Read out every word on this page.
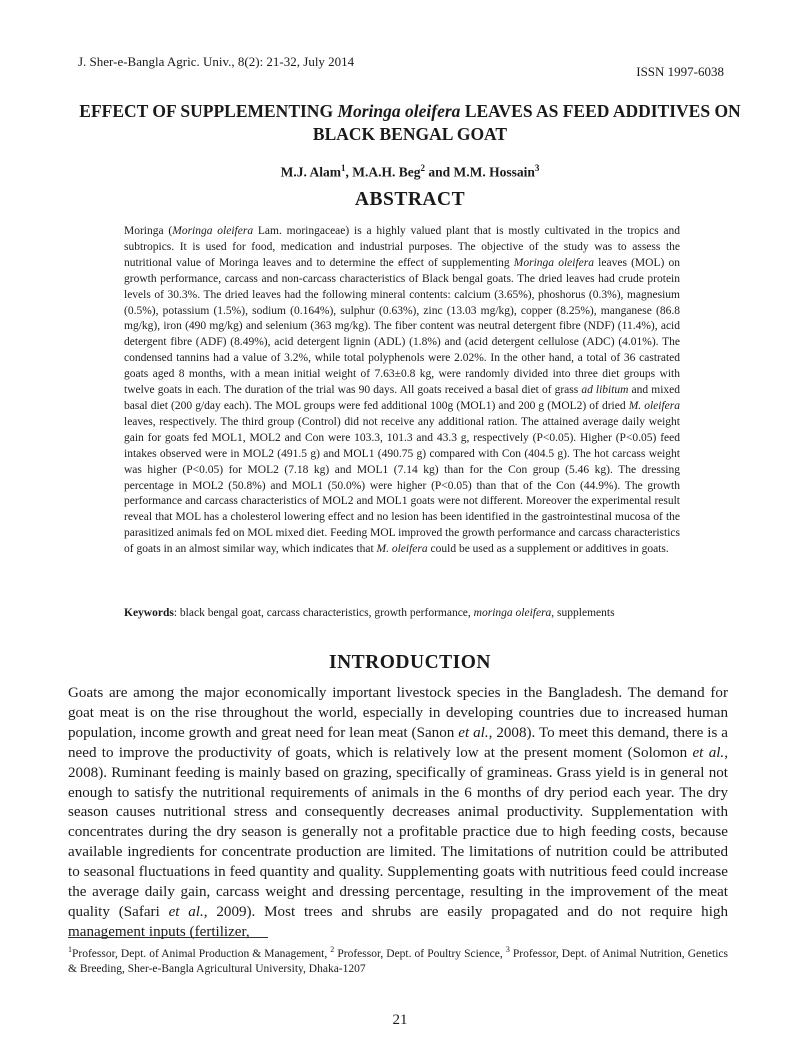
J. Sher-e-Bangla Agric. Univ., 8(2): 21-32, July 2014
ISSN 1997-6038
EFFECT OF SUPPLEMENTING Moringa oleifera LEAVES AS FEED ADDITIVES ON BLACK BENGAL GOAT
M.J. Alam$^1$, M.A.H. Beg$^2$ and M.M. Hossain$^3$
ABSTRACT

Moringa (Moringa oleifera Lam. moringaceae) is a highly valued plant that is mostly cultivated in the tropics and subtropics. It is used for food, medication and industrial purposes. The objective of the study was to assess the nutritional value of Moringa leaves and to determine the effect of supplementing Moringa oleifera leaves (MOL) on growth performance, carcass and non-carcass characteristics of Black bengal goats. The dried leaves had crude protein levels of 30.3%. The dried leaves had the following mineral contents: calcium (3.65%), phoshorus (0.3%), magnesium (0.5%), potassium (1.5%), sodium (0.164%), sulphur (0.63%), zinc (13.03 mg/kg), copper (8.25%), manganese (86.8 mg/kg), iron (490 mg/kg) and selenium (363 mg/kg). The fiber content was neutral detergent fibre (NDF) (11.4%), acid detergent fibre (ADF) (8.49%), acid detergent lignin (ADL) (1.8%) and (acid detergent cellulose (ADC) (4.01%). The condensed tannins had a value of 3.2%, while total polyphenols were 2.02%. In the other hand, a total of 36 castrated goats aged 8 months, with a mean initial weight of 7.63±0.8 kg, were randomly divided into three diet groups with twelve goats in each. The duration of the trial was 90 days. All goats received a basal diet of grass ad libitum and mixed basal diet (200 g/day each). The MOL groups were fed additional 100g (MOL1) and 200 g (MOL2) of dried M. oleifera leaves, respectively. The third group (Control) did not receive any additional ration. The attained average daily weight gain for goats fed MOL1, MOL2 and Con were 103.3, 101.3 and 43.3 g, respectively (P<0.05). Higher (P<0.05) feed intakes observed were in MOL2 (491.5 g) and MOL1 (490.75 g) compared with Con (404.5 g). The hot carcass weight was higher (P<0.05) for MOL2 (7.18 kg) and MOL1 (7.14 kg) than for the Con group (5.46 kg). The dressing percentage in MOL2 (50.8%) and MOL1 (50.0%) were higher (P<0.05) than that of the Con (44.9%). The growth performance and carcass characteristics of MOL2 and MOL1 goats were not different. Moreover the experimental result reveal that MOL has a cholesterol lowering effect and no lesion has been identified in the gastrointestinal mucosa of the parasitized animals fed on MOL mixed diet. Feeding MOL improved the growth performance and carcass characteristics of goats in an almost similar way, which indicates that M. oleifera could be used as a supplement or additives in goats.

Keywords: black bengal goat, carcass characteristics, growth performance, moringa oleifera, supplements

INTRODUCTION

Goats are among the major economically important livestock species in the Bangladesh. The demand for goat meat is on the rise throughout the world, especially in developing countries due to increased human population, income growth and great need for lean meat (Sanon et al., 2008). To meet this demand, there is a need to improve the productivity of goats, which is relatively low at the present moment (Solomon et al., 2008). Ruminant feeding is mainly based on grazing, specifically of gramineas. Grass yield is in general not enough to satisfy the nutritional requirements of animals in the 6 months of dry period each year. The dry season causes nutritional stress and consequently decreases animal productivity. Supplementation with concentrates during the dry season is generally not a profitable practice due to high feeding costs, because available ingredients for concentrate production are limited. The limitations of nutrition could be attributed to seasonal fluctuations in feed quantity and quality. Supplementing goats with nutritious feed could increase the average daily gain, carcass weight and dressing percentage, resulting in the improvement of the meat quality (Safari et al., 2009). Most trees and shrubs are easily propagated and do not require high management inputs (fertilizer,

$^1$Professor, Dept. of Animal Production & Management, $^2$ Professor, Dept. of Poultry Science, $^3$ Professor, Dept. of Animal Nutrition, Genetics & Breeding, Sher-e-Bangla Agricultural University, Dhaka-1207

21
